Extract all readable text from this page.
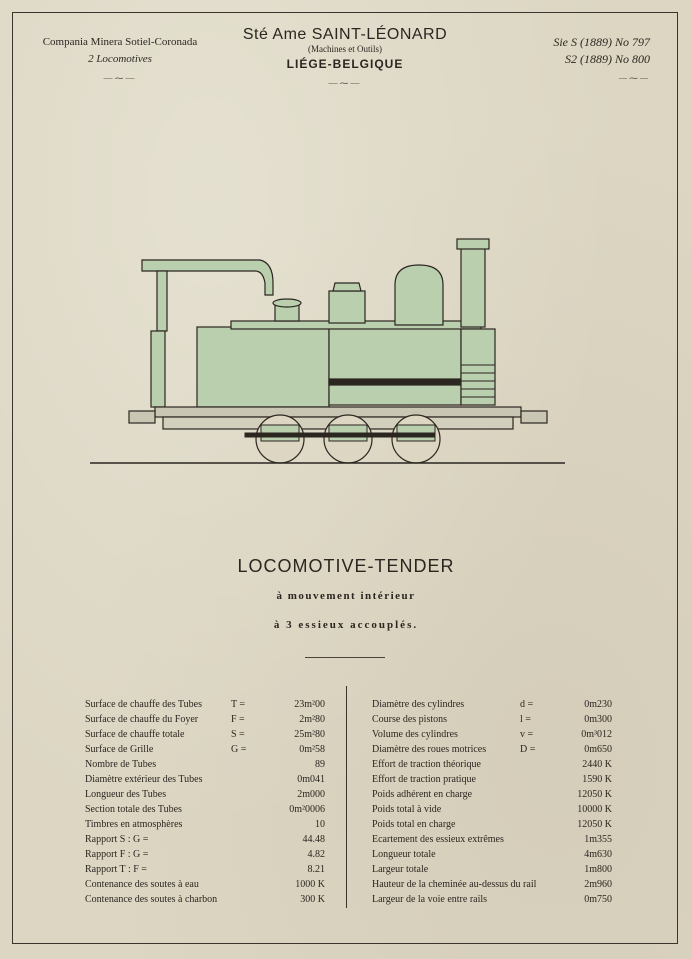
Compania Minera Sotiel-Coronada
2 Locomotives
—⁓—
Sté Ame SAINT-LÉONARD
(Machines et Outils)
LIÉGE-BELGIQUE
—⁓—
Sie S (1889) No 797
S2 (1889) No 800
—⁓—
LOCOMOTIVE-TENDER
à mouvement intérieur
à 3 essieux accouplés.
Surface de chauffe des Tubes	T =	23m²00
Surface de chauffe du Foyer	F =	2m²80
Surface de chauffe totale	S =	25m²80
Surface de Grille	G =	0m²58
Nombre de Tubes	89
Diamètre extérieur des Tubes	0m041
Longueur des Tubes	2m000
Section totale des Tubes	0m²0006
Timbres en atmosphères	10
Rapport S : G =	44.48
Rapport F : G =	4.82
Rapport T : F =	8.21
Contenance des soutes à eau	1000 K
Contenance des soutes à charbon	300 K
Diamètre des cylindres	d =	0m230
Course des pistons	l =	0m300
Volume des cylindres	v =	0m³012
Diamètre des roues motrices	D =	0m650
Effort de traction théorique	2440 K
Effort de traction pratique	1590 K
Poids adhérent en charge	12050 K
Poids total à vide	10000 K
Poids total en charge	12050 K
Ecartement des essieux extrêmes	1m355
Longueur totale	4m630
Largeur totale	1m800
Hauteur de la cheminée au-dessus du rail	2m960
Largeur de la voie entre rails	0m750
